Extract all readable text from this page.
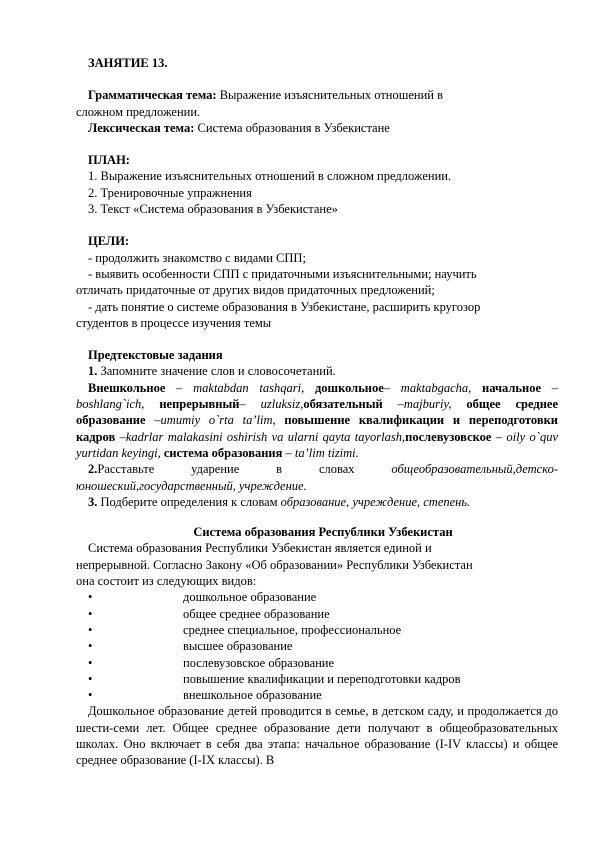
ЗАНЯТИЕ 13.

Грамматическая тема: Выражение изъяснительных отношений в

сложном предложении.

Лексическая тема: Система образования в Узбекистане

ПЛАН:

1. Выражение изъяснительных отношений в сложном предложении.

2. Тренировочные упражнения

3. Текст «Система образования в Узбекистане»

ЦЕЛИ:

- продолжить знакомство с видами СПП;

- выявить особенности СПП с придаточными изъяснительными; научить

отличать придаточные от других видов придаточных предложений;

- дать понятие о системе образования в Узбекистане, расширить кругозор

студентов в процессе изучения темы

Предтекстовые задания

1. Запомните значение слов и словосочетаний.

Внешкольное – maktabdan tashqari, дошкольное– maktabgacha, начальное –boshlang`ich, непрерывный– uzluksiz,обязательный –majburiy, общее среднее образование –umumiy o`rta ta’lim, повышение квалификации и переподготовки кадров –kadrlar malakasini oshirish va ularni qayta tayorlash,послевузовское – oily o`quv yurtidan keyingi, система образования – ta’lim tizimi.
2.Расставьте ударение в словах общеобразовательный,детско-юношеский,государственный, учреждение.

3. Подберите определения к словам образование, учреждение, степень.

Система образования Республики Узбекистан

Система образования Республики Узбекистан является единой и

непрерывной. Согласно Закону «Об образовании» Республики Узбекистан

она состоит из следующих видов:

•	дошкольное образование
•	общее среднее образование
•	среднее специальное, профессиональное
•	высшее образование
•	послевузовское образование
•	повышение квалификации и переподготовки кадров
•	внешкольное образование
Дошкольное образование детей проводится в семье, в детском саду, и продолжается до шести-семи лет. Общее среднее образование дети получают в общеобразовательных школах. Оно включает в себя два этапа: начальное образование (I-IV классы) и общее среднее образование (I-IX классы). В
